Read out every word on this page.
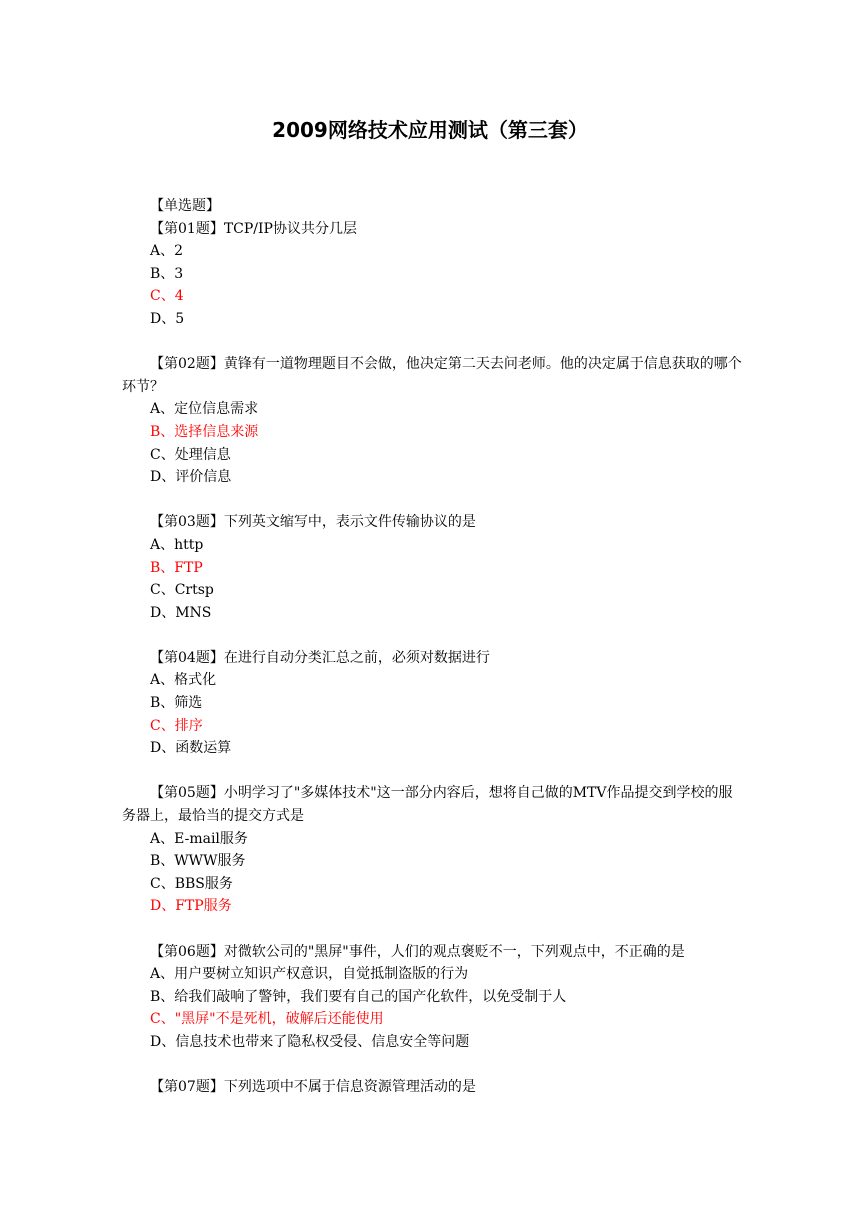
2009网络技术应用测试（第三套）

【单选题】

【第01题】TCP/IP协议共分几层

A、2

B、3

C、4

D、5

【第02题】黄锋有一道物理题目不会做，他决定第二天去问老师。他的决定属于信息获取的哪个环节？

A、定位信息需求

B、选择信息来源

C、处理信息

D、评价信息

【第03题】下列英文缩写中，表示文件传输协议的是

A、http

B、FTP

C、Crtsp

D、MNS

【第04题】在进行自动分类汇总之前，必须对数据进行

A、格式化

B、筛选

C、排序

D、函数运算

【第05题】小明学习了"多媒体技术"这一部分内容后，想将自己做的MTV作品提交到学校的服务器上，最恰当的提交方式是

A、E-mail服务

B、WWW服务

C、BBS服务

D、FTP服务

【第06题】对微软公司的"黑屏"事件，人们的观点褒贬不一，下列观点中，不正确的是

A、用户要树立知识产权意识，自觉抵制盗版的行为

B、给我们敲响了警钟，我们要有自己的国产化软件，以免受制于人

C、"黑屏"不是死机，破解后还能使用

D、信息技术也带来了隐私权受侵、信息安全等问题

【第07题】下列选项中不属于信息资源管理活动的是
